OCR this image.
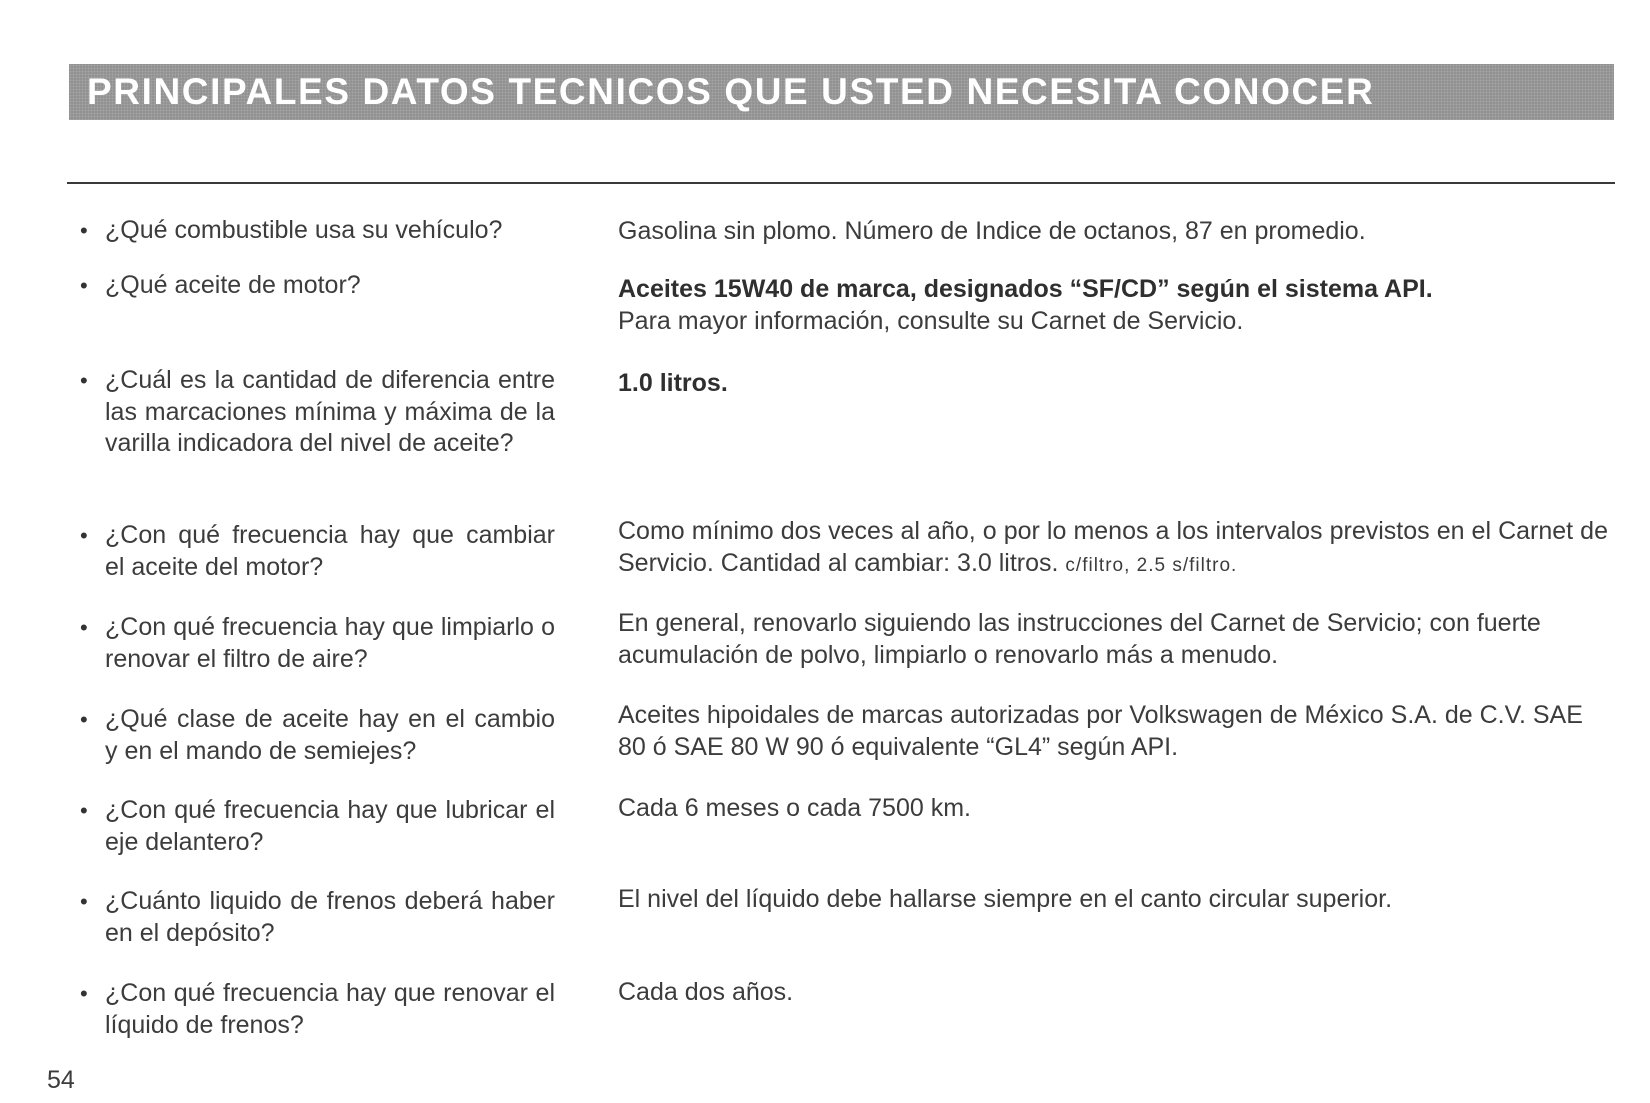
PRINCIPALES DATOS TECNICOS QUE USTED NECESITA CONOCER
• ¿Qué combustible usa su vehículo?	Gasolina sin plomo. Número de Indice de octanos, 87 en promedio.
• ¿Qué aceite de motor?	Aceites 15W40 de marca, designados “SF/CD” según el sistema API.
Para mayor información, consulte su Carnet de Servicio.
• ¿Cuál es la cantidad de diferencia entre las marcaciones mínima y máxima de la varilla indicadora del nivel de aceite?
1.0 litros.
• ¿Con qué frecuencia hay que cambiar el aceite del motor?
Como mínimo dos veces al año, o por lo menos a los intervalos previstos en el Carnet de Servicio. Cantidad al cambiar: 3.0 litros. c/filtro, 2.5 s/filtro.
• ¿Con qué frecuencia hay que limpiarlo o renovar el filtro de aire?
En general, renovarlo siguiendo las instrucciones del Carnet de Servicio; con fuerte acumulación de polvo, limpiarlo o renovarlo más a menudo.
• ¿Qué clase de aceite hay en el cambio y en el mando de semiejes?
Aceites hipoidales de marcas autorizadas por Volkswagen de México S.A. de C.V. SAE 80 ó SAE 80 W 90 ó equivalente “GL4” según API.
• ¿Con qué frecuencia hay que lubricar el eje delantero?
Cada 6 meses o cada 7500 km.
• ¿Cuánto liquido de frenos deberá haber en el depósito?
El nivel del líquido debe hallarse siempre en el canto circular superior.
• ¿Con qué frecuencia hay que renovar el líquido de frenos?
Cada dos años.
54
